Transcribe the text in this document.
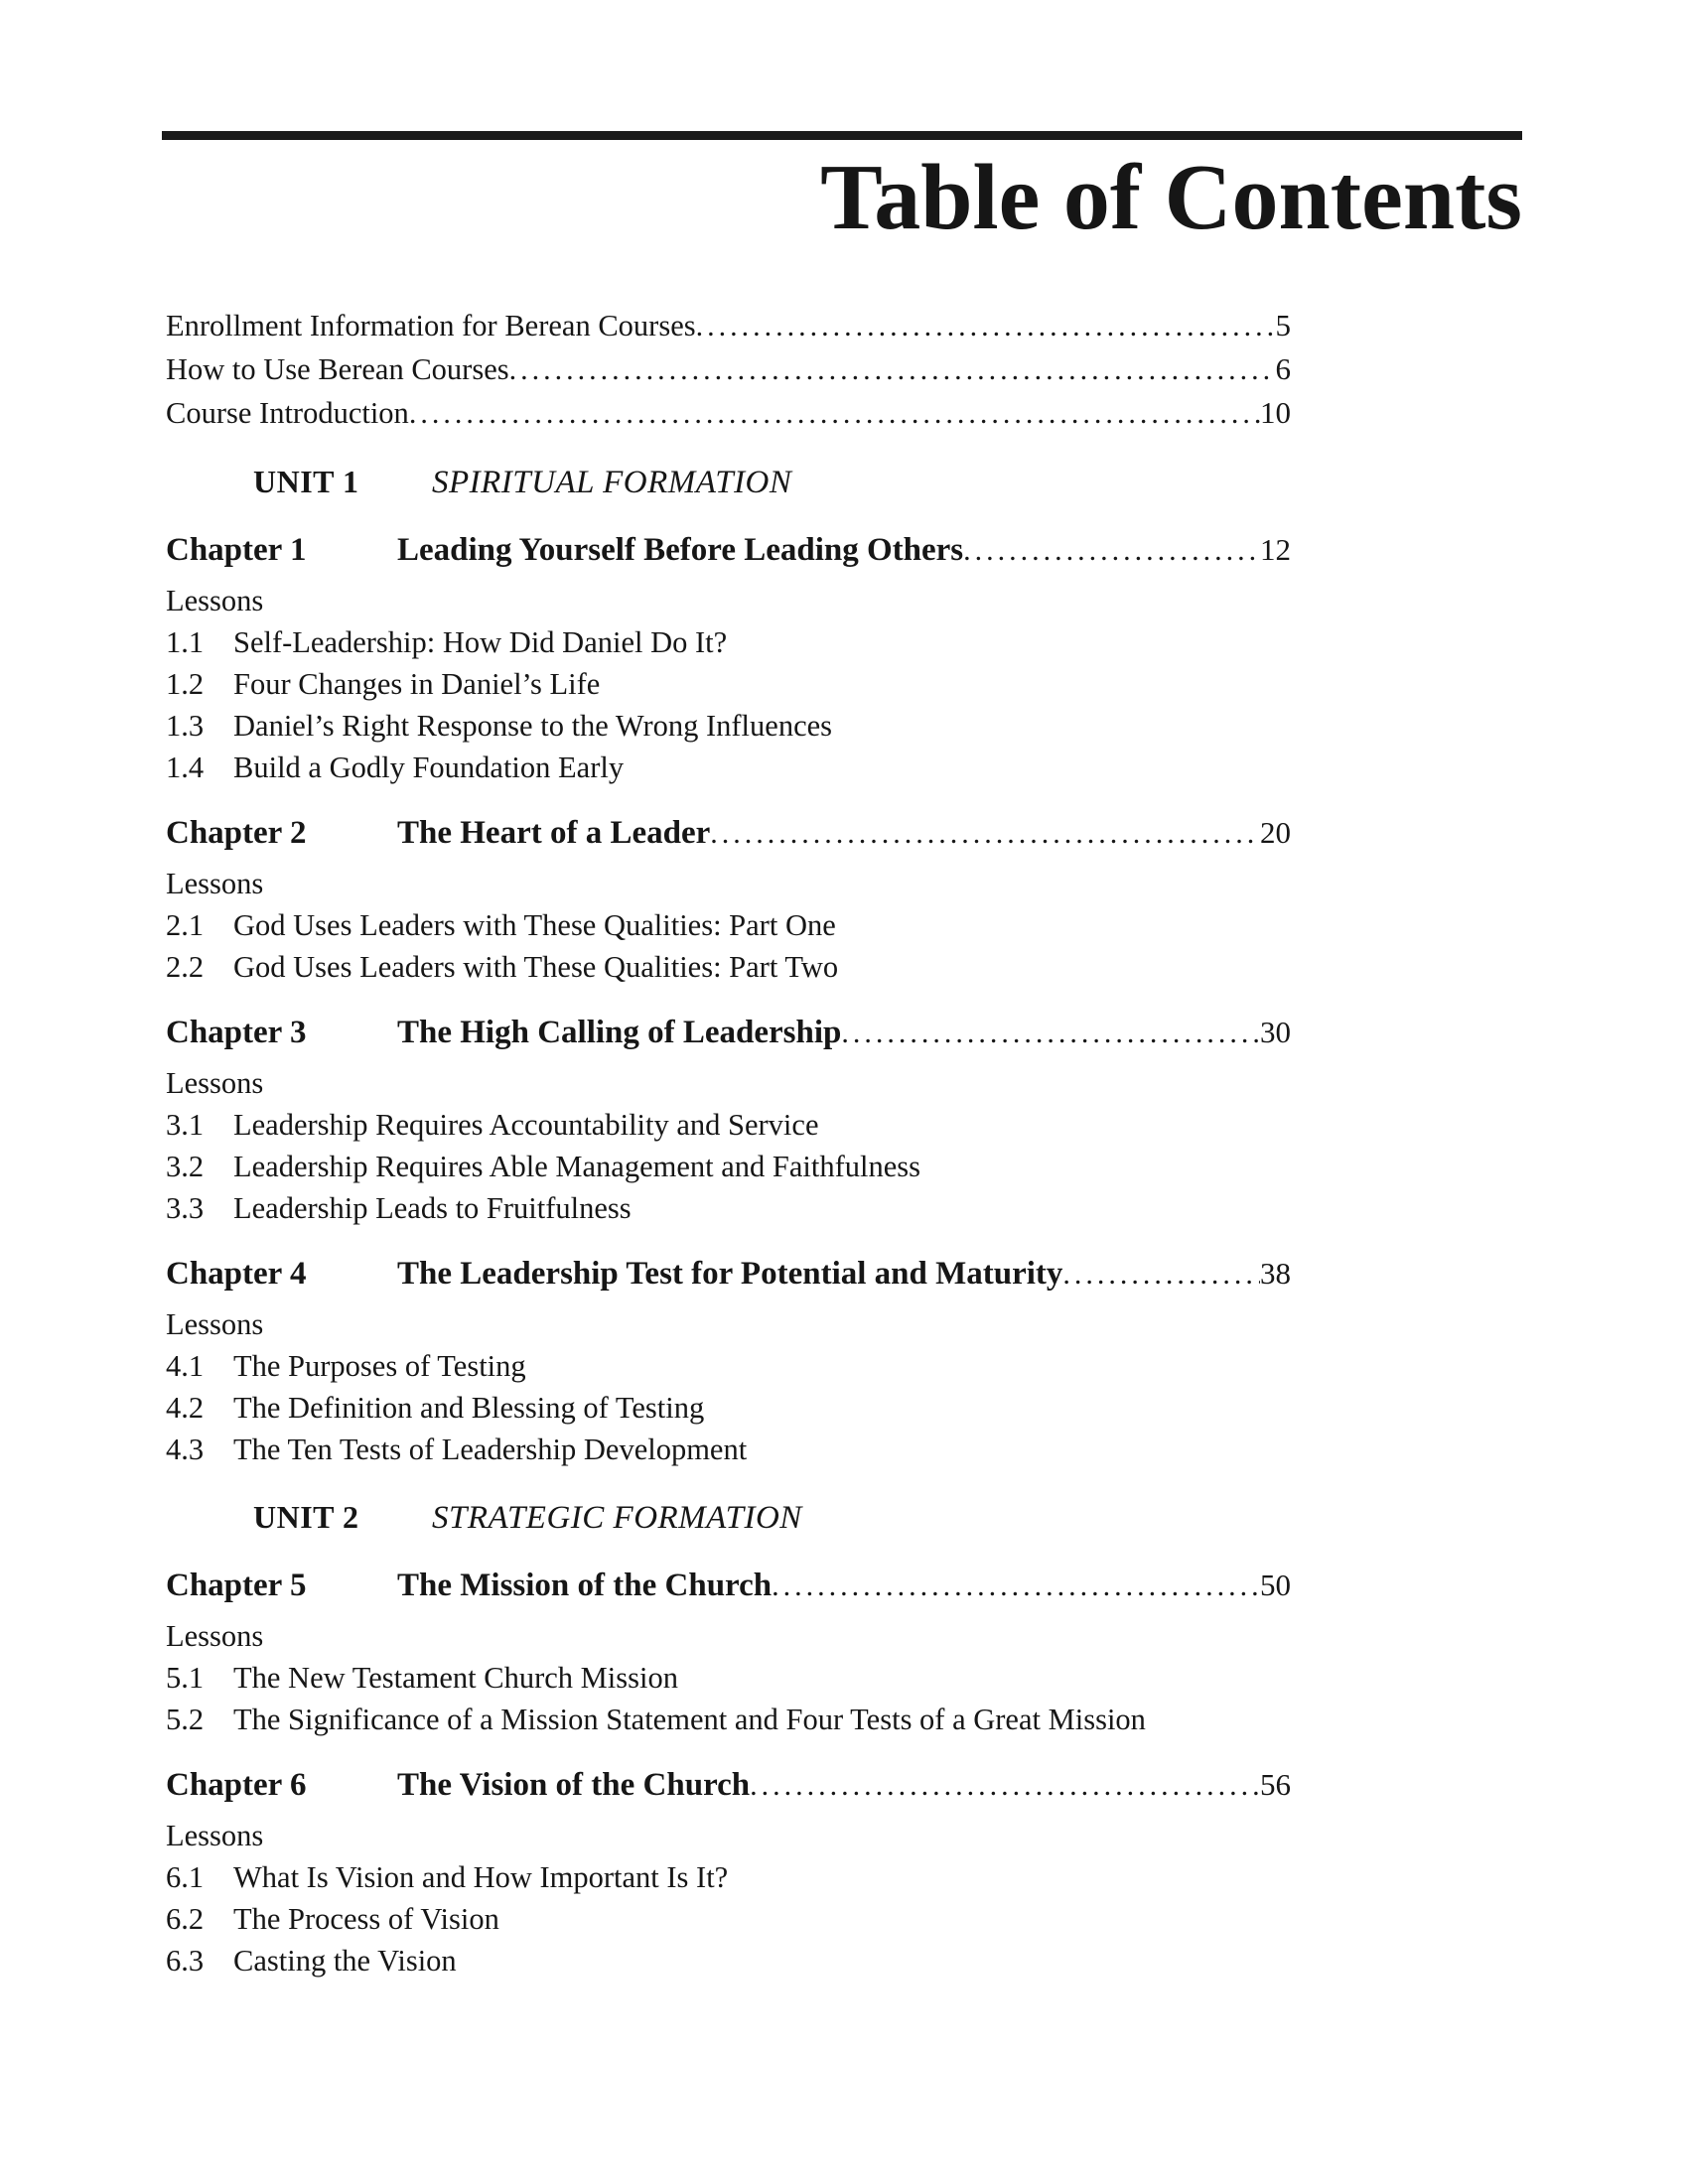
Table of Contents
Enrollment Information for Berean Courses .....	5
How to Use Berean Courses .....	6
Course Introduction .....	10
UNIT 1	SPIRITUAL FORMATION
Chapter 1	Leading Yourself Before Leading Others .....	12
Lessons
1.1 Self-Leadership: How Did Daniel Do It?
1.2 Four Changes in Daniel’s Life
1.3 Daniel’s Right Response to the Wrong Influences
1.4 Build a Godly Foundation Early
Chapter 2	The Heart of a Leader .....	20
Lessons
2.1 God Uses Leaders with These Qualities: Part One
2.2 God Uses Leaders with These Qualities: Part Two
Chapter 3	The High Calling of Leadership .....	30
Lessons
3.1 Leadership Requires Accountability and Service
3.2 Leadership Requires Able Management and Faithfulness
3.3 Leadership Leads to Fruitfulness
Chapter 4	The Leadership Test for Potential and Maturity .....	38
Lessons
4.1 The Purposes of Testing
4.2 The Definition and Blessing of Testing
4.3 The Ten Tests of Leadership Development
UNIT 2	STRATEGIC FORMATION
Chapter 5	The Mission of the Church .....	50
Lessons
5.1 The New Testament Church Mission
5.2 The Significance of a Mission Statement and Four Tests of a Great Mission
Chapter 6	The Vision of the Church .....	56
Lessons
6.1 What Is Vision and How Important Is It?
6.2 The Process of Vision
6.3 Casting the Vision
